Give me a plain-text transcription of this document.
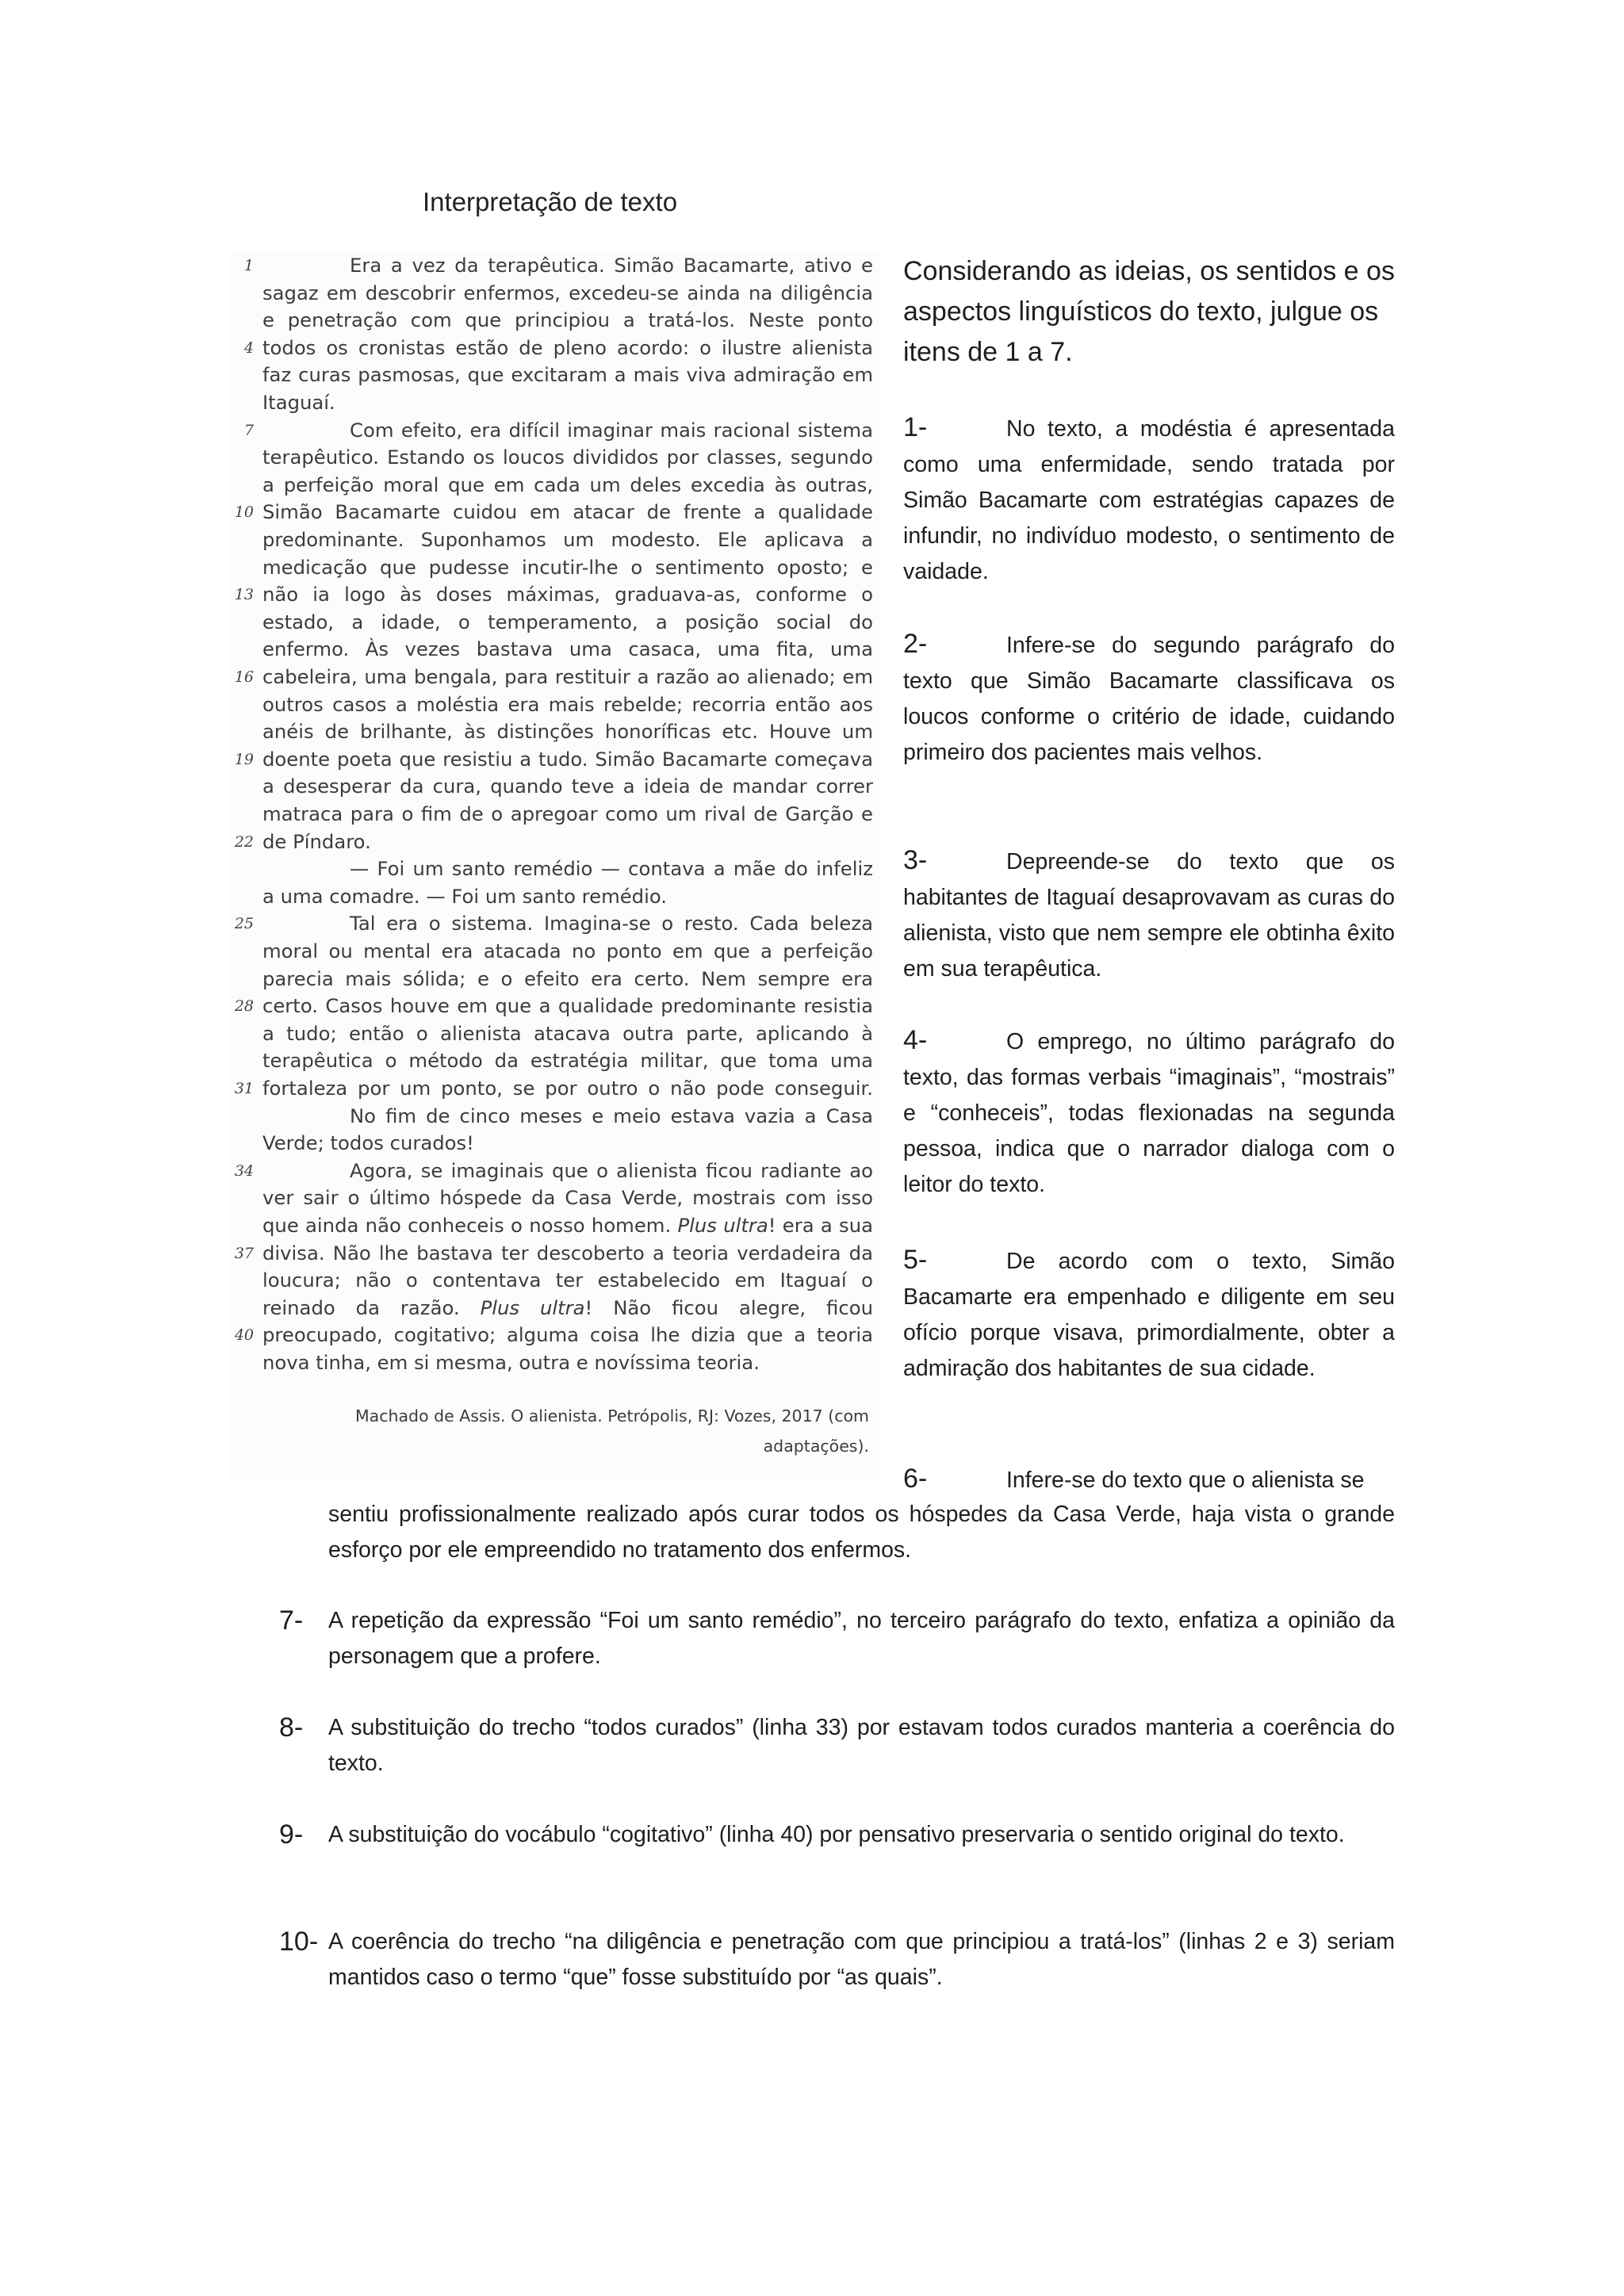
Interpretação de texto
1	Era a vez da terapêutica. Simão Bacamarte, ativo e
sagaz em descobrir enfermos, excedeu-se ainda na diligência
e penetração com que principiou a tratá-los. Neste ponto
4 todos os cronistas estão de pleno acordo: o ilustre alienista
faz curas pasmosas, que excitaram a mais viva admiração em
Itaguaí.
7	Com efeito, era difícil imaginar mais racional sistema
terapêutico. Estando os loucos divididos por classes, segundo
a perfeição moral que em cada um deles excedia às outras,
10 Simão Bacamarte cuidou em atacar de frente a qualidade
predominante. Suponhamos um modesto. Ele aplicava a
medicação que pudesse incutir-lhe o sentimento oposto; e
13 não ia logo às doses máximas, graduava-as, conforme o
estado, a idade, o temperamento, a posição social do
enfermo. Às vezes bastava uma casaca, uma fita, uma
16 cabeleira, uma bengala, para restituir a razão ao alienado; em
outros casos a moléstia era mais rebelde; recorria então aos
anéis de brilhante, às distinções honoríficas etc. Houve um
19 doente poeta que resistiu a tudo. Simão Bacamarte começava
a desesperar da cura, quando teve a ideia de mandar correr
matraca para o fim de o apregoar como um rival de Garção e
22 de Píndaro.
— Foi um santo remédio — contava a mãe do infeliz
a uma comadre. — Foi um santo remédio.
25	Tal era o sistema. Imagina-se o resto. Cada beleza
moral ou mental era atacada no ponto em que a perfeição
parecia mais sólida; e o efeito era certo. Nem sempre era
28 certo. Casos houve em que a qualidade predominante resistia
a tudo; então o alienista atacava outra parte, aplicando à
terapêutica o método da estratégia militar, que toma uma
31 fortaleza por um ponto, se por outro o não pode conseguir.
No fim de cinco meses e meio estava vazia a Casa
Verde; todos curados!
34	Agora, se imaginais que o alienista ficou radiante ao
ver sair o último hóspede da Casa Verde, mostrais com isso
que ainda não conheceis o nosso homem. Plus ultra! era a sua
37 divisa. Não lhe bastava ter descoberto a teoria verdadeira da
loucura; não o contentava ter estabelecido em Itaguaí o
reinado da razão. Plus ultra! Não ficou alegre, ficou
40 preocupado, cogitativo; alguma coisa lhe dizia que a teoria
nova tinha, em si mesma, outra e novíssima teoria.
Machado de Assis. O alienista. Petrópolis, RJ: Vozes, 2017 (com
adaptações).
Considerando as ideias, os sentidos e os aspectos linguísticos do texto, julgue os itens de 1 a 7.
1-	No texto, a modéstia é apresentada como uma enfermidade, sendo tratada por Simão Bacamarte com estratégias capazes de infundir, no indivíduo modesto, o sentimento de vaidade.
2-	Infere-se do segundo parágrafo do texto que Simão Bacamarte classificava os loucos conforme o critério de idade, cuidando primeiro dos pacientes mais velhos.
3-	Depreende-se do texto que os habitantes de Itaguaí desaprovavam as curas do alienista, visto que nem sempre ele obtinha êxito em sua terapêutica.
4-	O emprego, no último parágrafo do texto, das formas verbais “imaginais”, “mostrais” e “conheceis”, todas flexionadas na segunda pessoa, indica que o narrador dialoga com o leitor do texto.
5-	De acordo com o texto, Simão Bacamarte era empenhado e diligente em seu ofício porque visava, primordialmente, obter a admiração dos habitantes de sua cidade.
6-	Infere-se do texto que o alienista se
sentiu profissionalmente realizado após curar todos os hóspedes da Casa Verde, haja vista o grande esforço por ele empreendido no tratamento dos enfermos.
7- A repetição da expressão “Foi um santo remédio”, no terceiro parágrafo do texto, enfatiza a opinião da personagem que a profere.
8- A substituição do trecho “todos curados” (linha 33) por estavam todos curados manteria a coerência do texto.
9- A substituição do vocábulo “cogitativo” (linha 40) por pensativo preservaria o sentido original do texto.
10- A coerência do trecho “na diligência e penetração com que principiou a tratá-los” (linhas 2 e 3) seriam mantidos caso o termo “que” fosse substituído por “as quais”.
